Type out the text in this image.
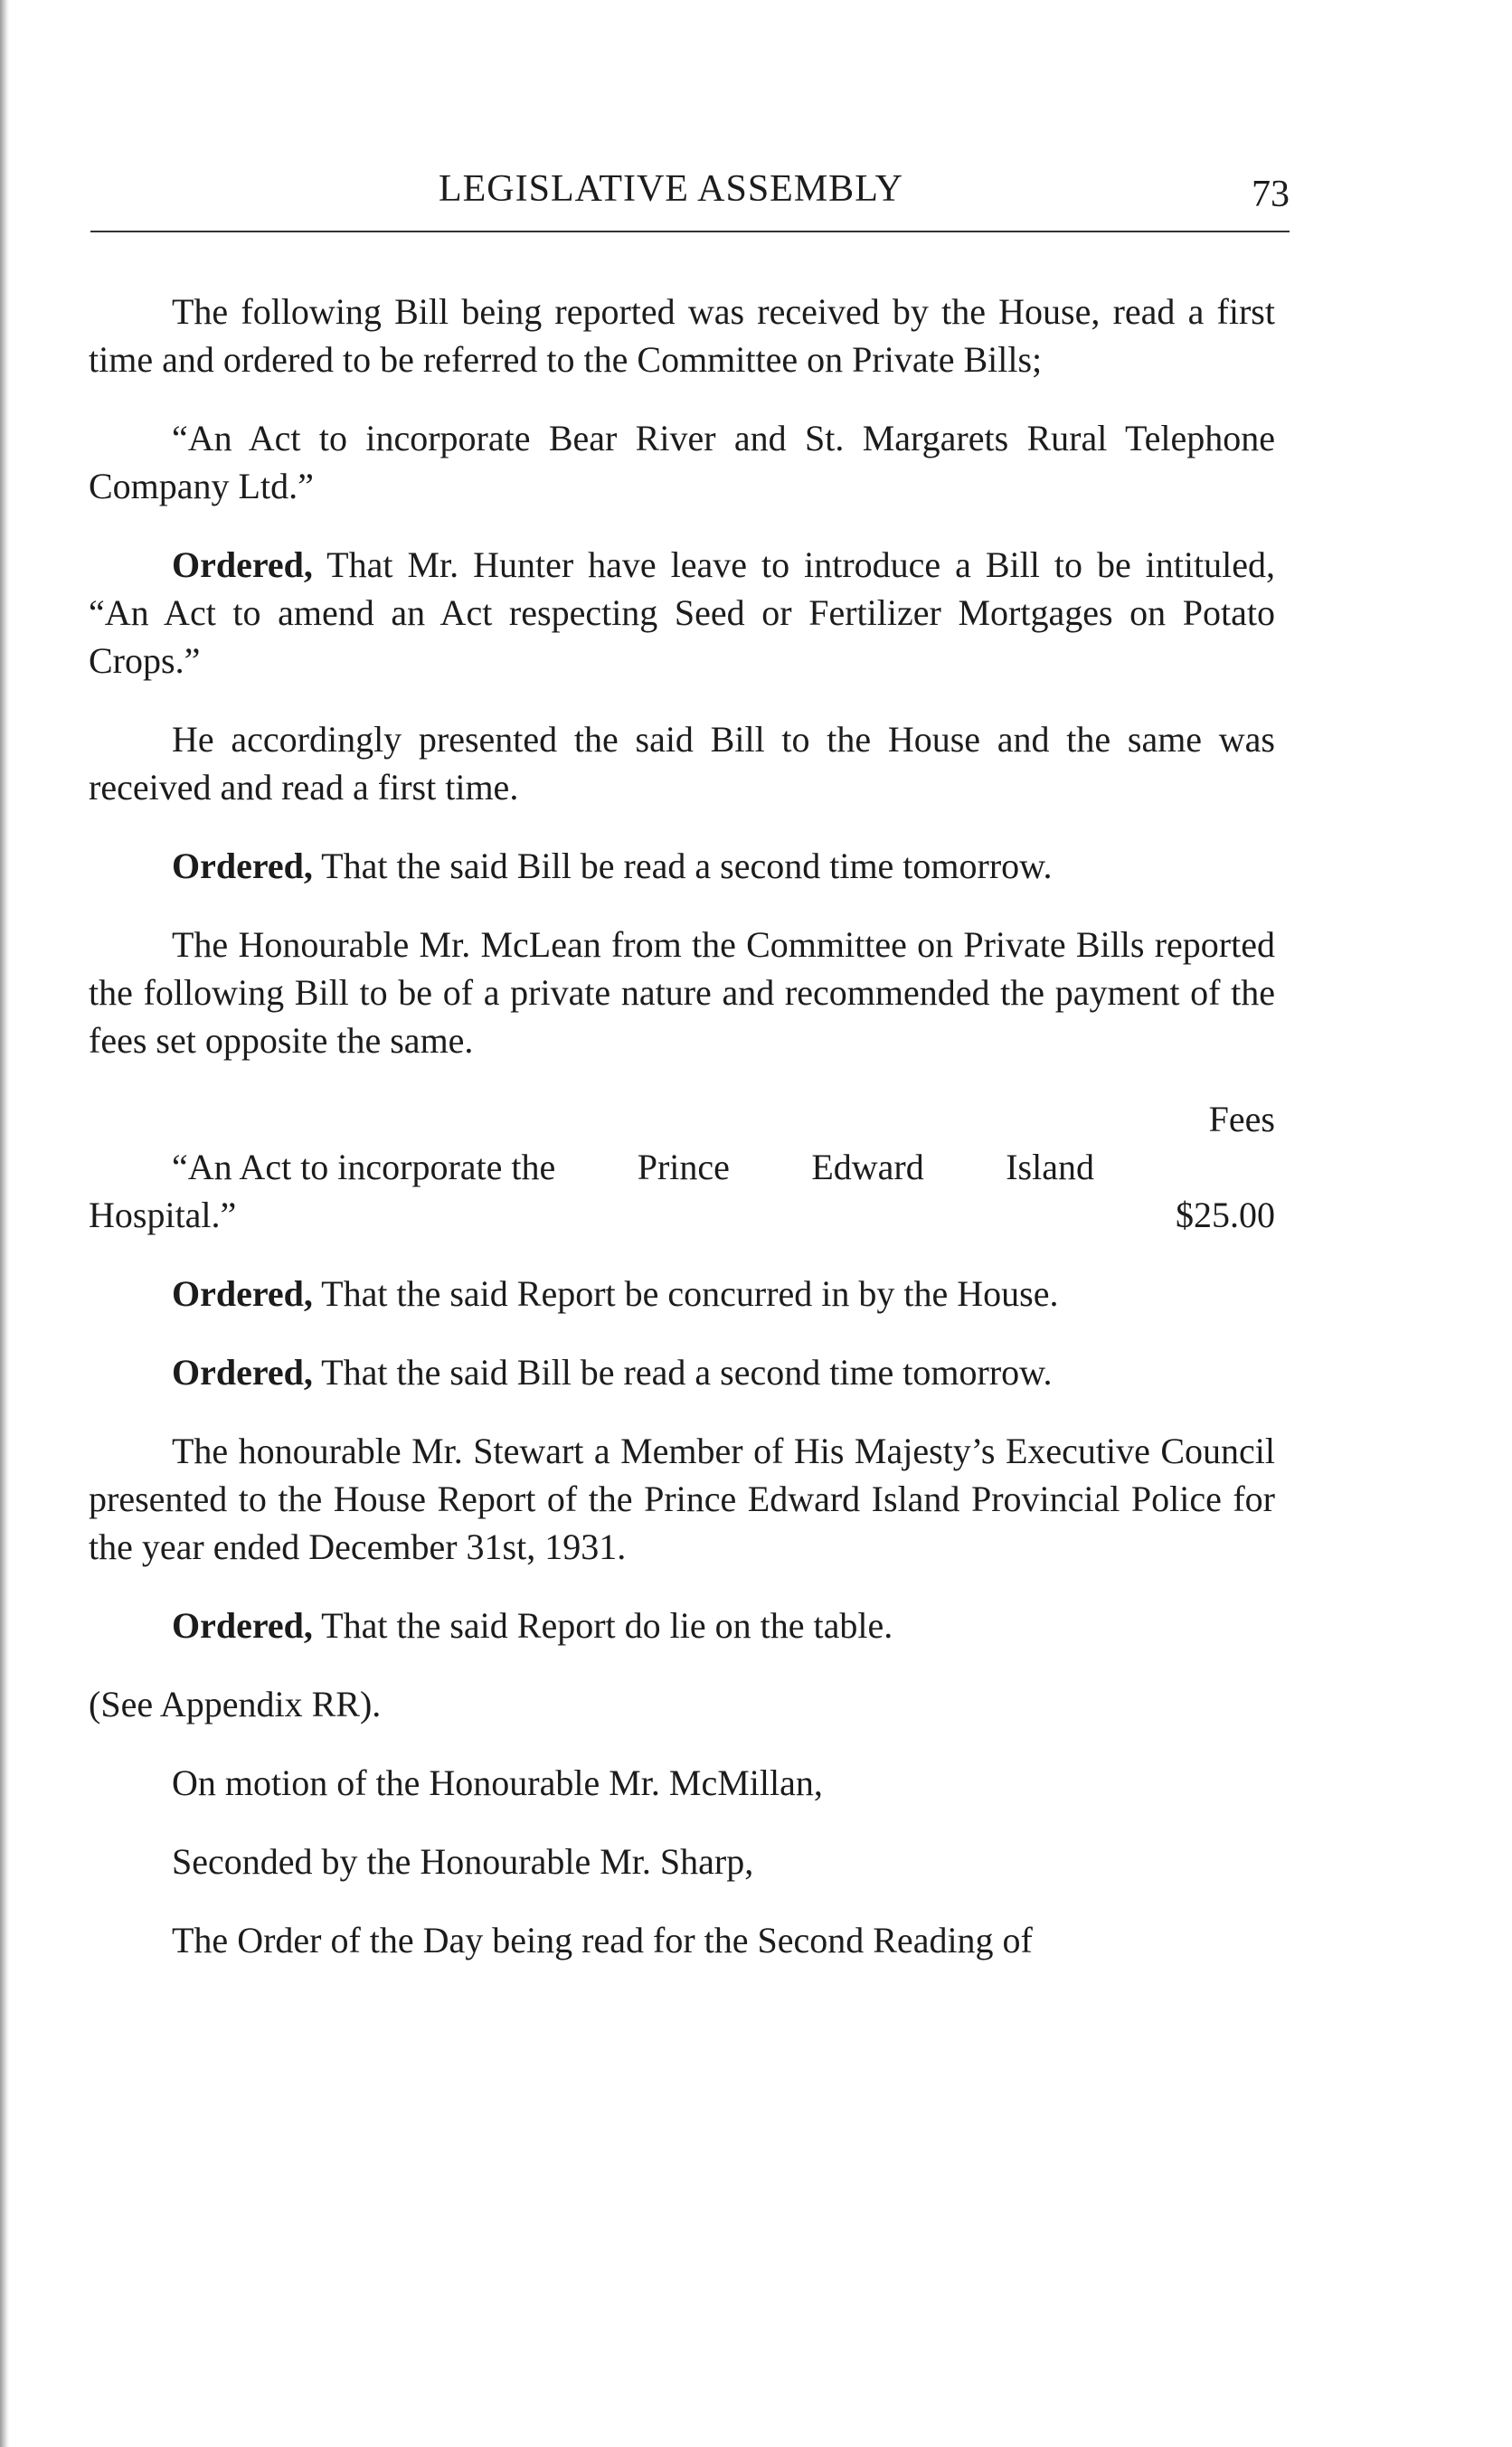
LEGISLATIVE ASSEMBLY	73

The following Bill being reported was received by the House, read a first time and ordered to be referred to the Committee on Private Bills;

“An Act to incorporate Bear River and St. Margarets Rural Telephone Company Ltd.”

Ordered, That Mr. Hunter have leave to introduce a Bill to be intituled, “An Act to amend an Act respecting Seed or Fertilizer Mortgages on Potato Crops.”

He accordingly presented the said Bill to the House and the same was received and read a first time.

Ordered, That the said Bill be read a second time tomorrow.

The Honourable Mr. McLean from the Committee on Private Bills reported the following Bill to be of a private nature and recommended the payment of the fees set opposite the same.

Fees

“An Act to incorporate the Prince Edward Island
Hospital.”	$25.00

Ordered, That the said Report be concurred in by the House.

Ordered, That the said Bill be read a second time tomorrow.

The honourable Mr. Stewart a Member of His Majesty’s Executive Council presented to the House Report of the Prince Edward Island Provincial Police for the year ended December 31st, 1931.

Ordered, That the said Report do lie on the table.

(See Appendix RR).

On motion of the Honourable Mr. McMillan,

Seconded by the Honourable Mr. Sharp,

The Order of the Day being read for the Second Reading of
